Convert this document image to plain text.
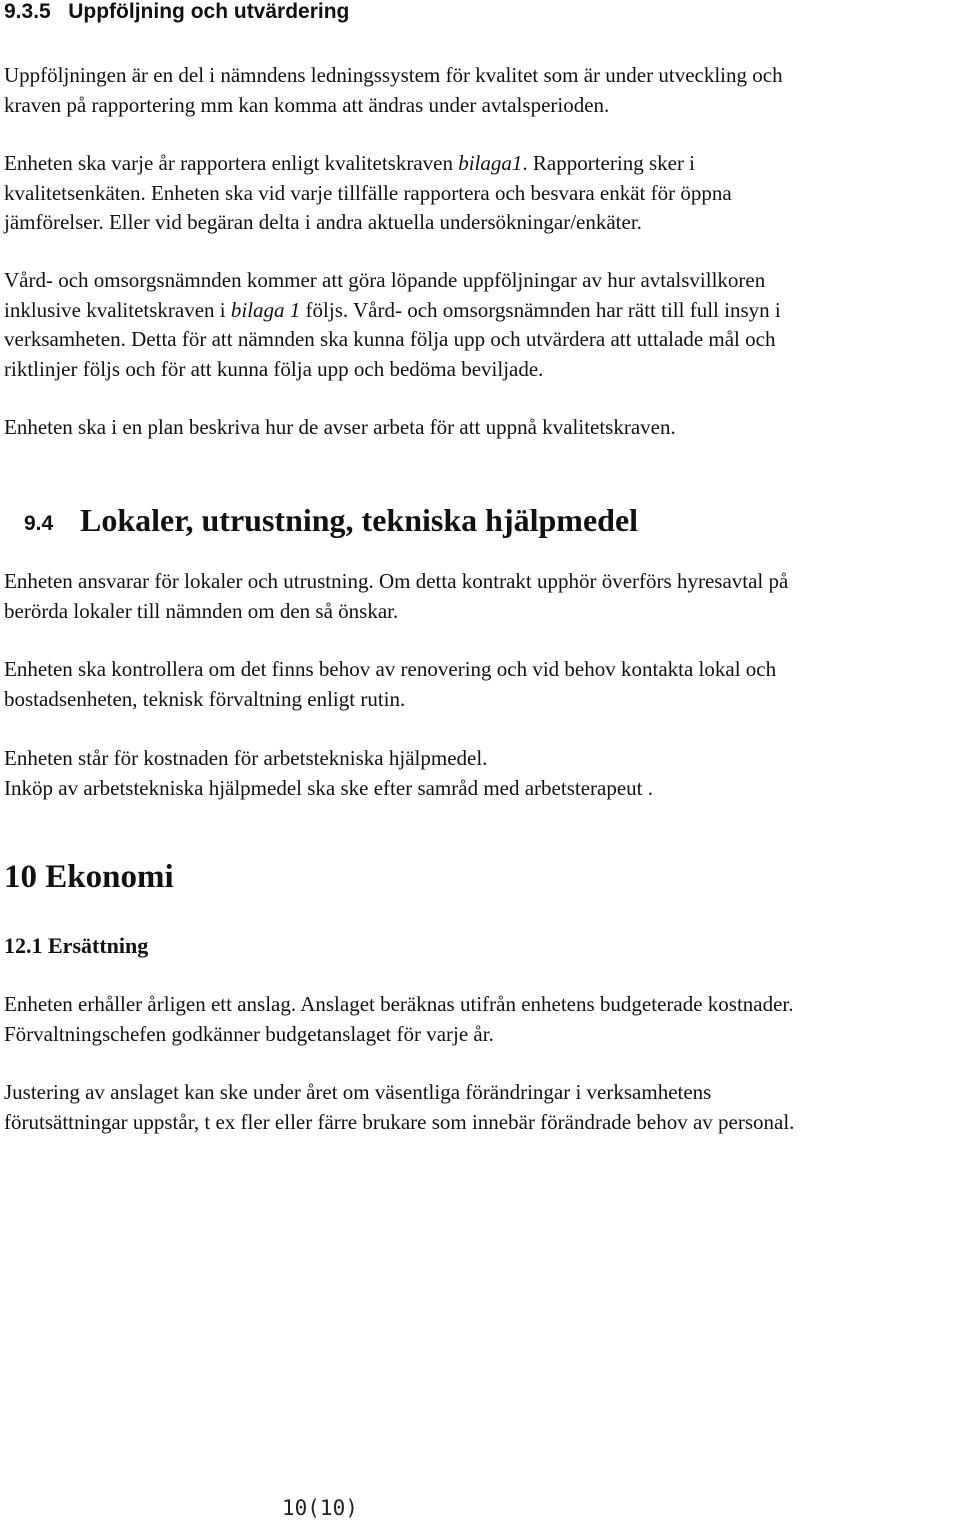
9.3.5 Uppföljning och utvärdering
Uppföljningen är en del i nämndens ledningssystem för kvalitet som är under utveckling och
kraven på rapportering mm kan komma att ändras under avtalsperioden.
Enheten ska varje år rapportera enligt kvalitetskraven bilaga1. Rapportering sker i
kvalitetsenkäten. Enheten ska vid varje tillfälle rapportera och besvara enkät för öppna
jämförelser. Eller vid begäran delta i andra aktuella undersökningar/enkäter.
Vård- och omsorgsnämnden kommer att göra löpande uppföljningar av hur avtalsvillkoren
inklusive kvalitetskraven i bilaga 1 följs. Vård- och omsorgsnämnden har rätt till full insyn i
verksamheten. Detta för att nämnden ska kunna följa upp och utvärdera att uttalade mål och
riktlinjer följs och för att kunna följa upp och bedöma beviljade.
Enheten ska i en plan beskriva hur de avser arbeta för att uppnå kvalitetskraven.
9.4 Lokaler, utrustning, tekniska hjälpmedel
Enheten ansvarar för lokaler och utrustning. Om detta kontrakt upphör överförs hyresavtal på
berörda lokaler till nämnden om den så önskar.
Enheten ska kontrollera om det finns behov av renovering och vid behov kontakta lokal och
bostadsenheten, teknisk förvaltning enligt rutin.
Enheten står för kostnaden för arbetstekniska hjälpmedel.
Inköp av arbetstekniska hjälpmedel ska ske efter samråd med arbetsterapeut .
10 Ekonomi
12.1 Ersättning
Enheten erhåller årligen ett anslag. Anslaget beräknas utifrån enhetens budgeterade kostnader.
Förvaltningschefen godkänner budgetanslaget för varje år.
Justering av anslaget kan ske under året om väsentliga förändringar i verksamhetens
förutsättningar uppstår, t ex fler eller färre brukare som innebär förändrade behov av personal.
10(10)
